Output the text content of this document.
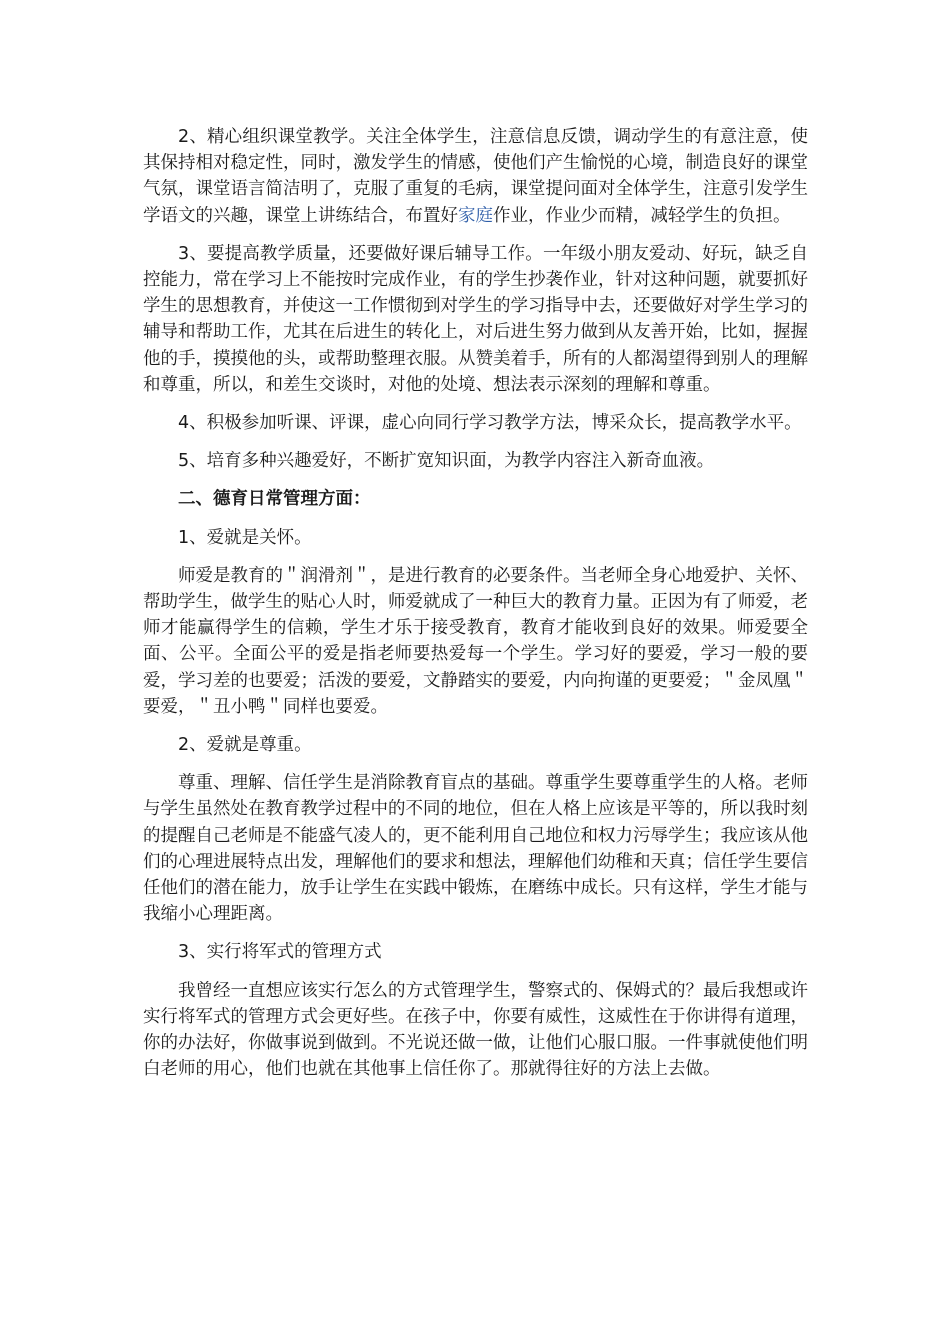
2、精心组织课堂教学。关注全体学生，注意信息反馈，调动学生的有意注意，使其保持相对稳定性，同时，激发学生的情感，使他们产生愉悦的心境，制造良好的课堂气氛，课堂语言简洁明了，克服了重复的毛病，课堂提问面对全体学生，注意引发学生学语文的兴趣，课堂上讲练结合，布置好家庭作业，作业少而精，减轻学生的负担。

3、要提高教学质量，还要做好课后辅导工作。一年级小朋友爱动、好玩，缺乏自控能力，常在学习上不能按时完成作业，有的学生抄袭作业，针对这种问题，就要抓好学生的思想教育，并使这一工作惯彻到对学生的学习指导中去，还要做好对学生学习的辅导和帮助工作，尤其在后进生的转化上，对后进生努力做到从友善开始，比如，握握他的手，摸摸他的头，或帮助整理衣服。从赞美着手，所有的人都渴望得到别人的理解和尊重，所以，和差生交谈时，对他的处境、想法表示深刻的理解和尊重。

4、积极参加听课、评课，虚心向同行学习教学方法，博采众长，提高教学水平。

5、培育多种兴趣爱好，不断扩宽知识面，为教学内容注入新奇血液。

二、德育日常管理方面：

1、爱就是关怀。

师爱是教育的＂润滑剂＂，是进行教育的必要条件。当老师全身心地爱护、关怀、帮助学生，做学生的贴心人时，师爱就成了一种巨大的教育力量。正因为有了师爱，老师才能赢得学生的信赖，学生才乐于接受教育，教育才能收到良好的效果。师爱要全面、公平。全面公平的爱是指老师要热爱每一个学生。学习好的要爱，学习一般的要爱，学习差的也要爱；活泼的要爱，文静踏实的要爱，内向拘谨的更要爱；＂金凤凰＂要爱，＂丑小鸭＂同样也要爱。

2、爱就是尊重。

尊重、理解、信任学生是消除教育盲点的基础。尊重学生要尊重学生的人格。老师与学生虽然处在教育教学过程中的不同的地位，但在人格上应该是平等的，所以我时刻的提醒自己老师是不能盛气凌人的，更不能利用自己地位和权力污辱学生；我应该从他们的心理进展特点出发，理解他们的要求和想法，理解他们幼稚和天真；信任学生要信任他们的潜在能力，放手让学生在实践中锻炼，在磨练中成长。只有这样，学生才能与我缩小心理距离。

3、实行将军式的管理方式

我曾经一直想应该实行怎么的方式管理学生，警察式的、保姆式的？最后我想或许实行将军式的管理方式会更好些。在孩子中，你要有威性，这威性在于你讲得有道理，你的办法好，你做事说到做到。不光说还做一做，让他们心服口服。一件事就使他们明白老师的用心，他们也就在其他事上信任你了。那就得往好的方法上去做。
